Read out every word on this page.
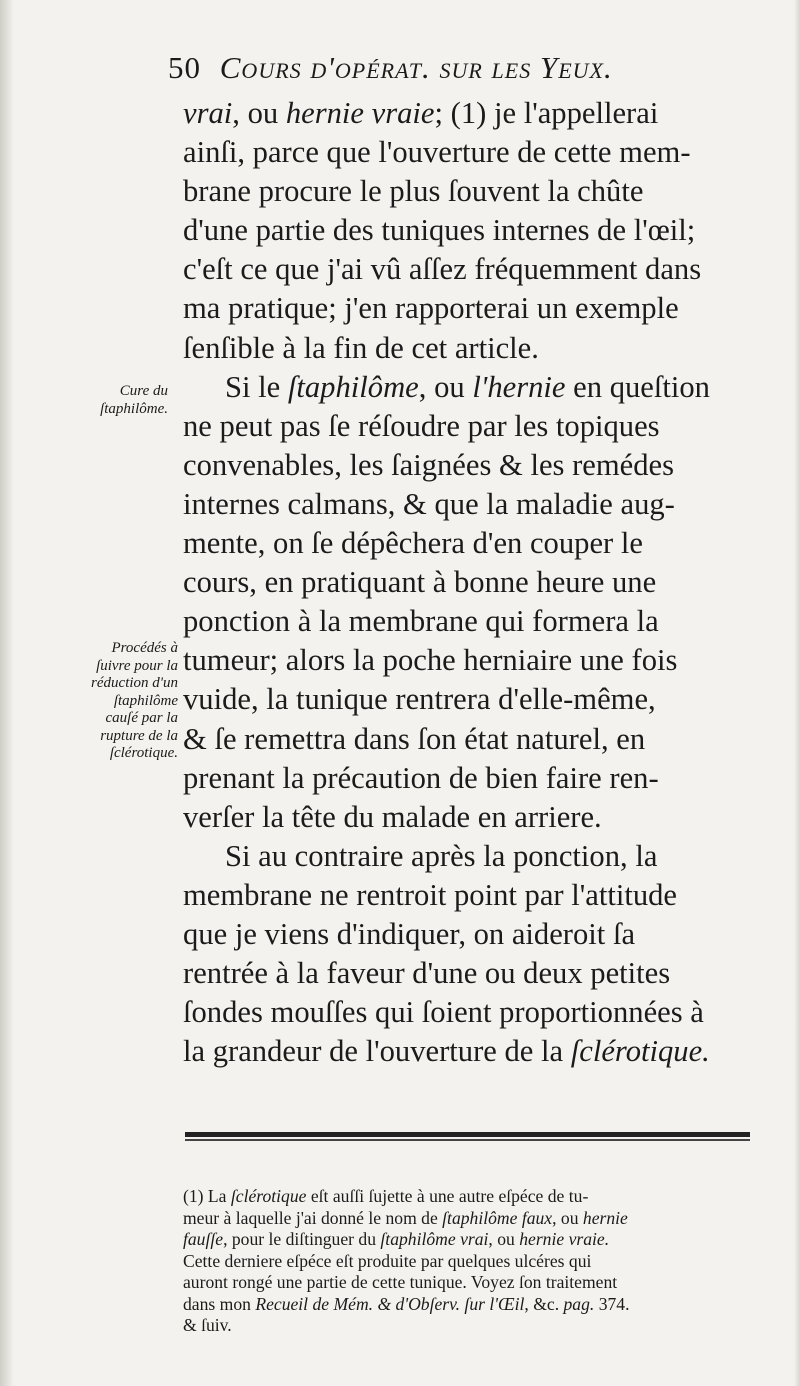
50 Cours d'opérat. sur les Yeux.
vrai, ou hernie vraie; (1) je l'appellerai
ainſi, parce que l'ouverture de cette mem-
brane procure le plus ſouvent la chûte
d'une partie des tuniques internes de l'œil;
c'eſt ce que j'ai vû aſſez fréquemment dans
ma pratique; j'en rapporterai un exemple
ſenſible à la fin de cet article.
Si le ſtaphilôme, ou l'hernie en queſtion
ne peut pas ſe réſoudre par les topiques
convenables, les ſaignées & les remédes
internes calmans, & que la maladie aug-
mente, on ſe dépêchera d'en couper le
cours, en pratiquant à bonne heure une
ponction à la membrane qui formera la
tumeur; alors la poche herniaire une fois
vuide, la tunique rentrera d'elle-même,
& ſe remettra dans ſon état naturel, en
prenant la précaution de bien faire ren-
verſer la tête du malade en arriere.
Si au contraire après la ponction, la
membrane ne rentroit point par l'attitude
que je viens d'indiquer, on aideroit ſa
rentrée à la faveur d'une ou deux petites
ſondes mouſſes qui ſoient proportionnées à
la grandeur de l'ouverture de la ſclérotique.
Cure du
ſtaphilôme.
Procédés à
ſuivre pour la
réduction d'un
ſtaphilôme
cauſé par la
rupture de la
ſclérotique.
(1) La ſclérotique eſt auſſi ſujette à une autre eſpéce de tu-
meur à laquelle j'ai donné le nom de ſtaphilôme faux, ou hernie
fauſſe, pour le diſtinguer du ſtaphilôme vrai, ou hernie vraie.
Cette derniere eſpéce eſt produite par quelques ulcéres qui
auront rongé une partie de cette tunique. Voyez ſon traitement
dans mon Recueil de Mém. & d'Obſerv. ſur l'Œil, &c. pag. 374.
& ſuiv.
